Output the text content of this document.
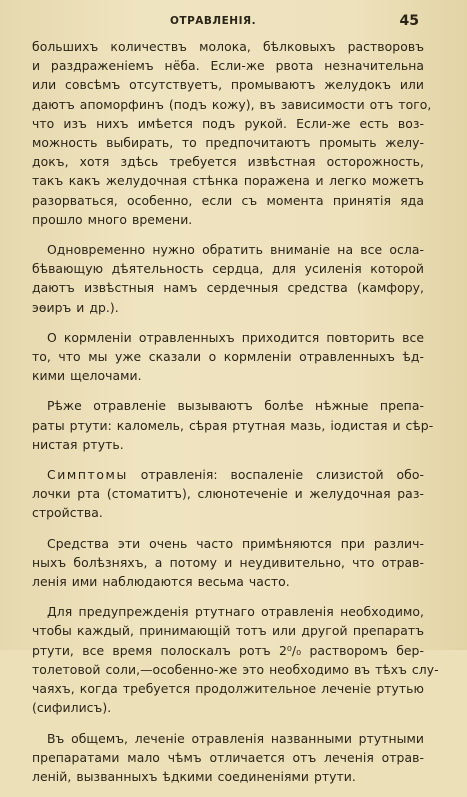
ОТРАВЛЕНІЯ.	45
большихъ количествъ молока, бѣлковыхъ растворовъ
и раздраженіемъ нёба. Если-же рвота незначительна
или совсѣмъ отсутствуетъ, промываютъ желудокъ или
даютъ апоморфинъ (подъ кожу), въ зависимости отъ того,
что изъ нихъ имѣется подъ рукой. Если-же есть воз-
можность выбирать, то предпочитаютъ промыть желу-
докъ, хотя здѣсь требуется извѣстная осторожность,
такъ какъ желудочная стѣнка поражена и легко можетъ
разорваться, особенно, если съ момента принятія яда
прошло много времени.
Одновременно нужно обратить вниманіе на все осла-
бѣвающую дѣятельность сердца, для усиленія которой
даютъ извѣстныя намъ сердечныя средства (камфору,
эѳиръ и др.).
О кормленіи отравленныхъ приходится повторить все
то, что мы уже сказали о кормленіи отравленныхъ ѣд-
кими щелочами.
Рѣже отравленіе вызываютъ болѣе нѣжные препа-
раты ртути: каломель, сѣрая ртутная мазь, іодистая и сѣр-
нистая ртуть.
Симптомы отравленія: воспаленіе слизистой обо-
лочки рта (стоматитъ), слюнотеченіе и желудочная раз-
стройства.
Средства эти очень часто примѣняются при различ-
ныхъ болѣзняхъ, а потому и неудивительно, что отрав-
ленія ими наблюдаются весьма часто.
Для предупрежденія ртутнаго отравленія необходимо,
чтобы каждый, принимающій тотъ или другой препаратъ
ртути, все время полоскалъ ротъ 2⁰/₀ растворомъ бер-
толетовой соли,—особенно-же это необходимо въ тѣхъ слу-
чаяхъ, когда требуется продолжительное леченіе ртутью
(сифилисъ).
Въ общемъ, леченіе отравленія названными ртутными
препаратами мало чѣмъ отличается отъ леченія отрав-
леній, вызванныхъ ѣдкими соединеніями ртути.
